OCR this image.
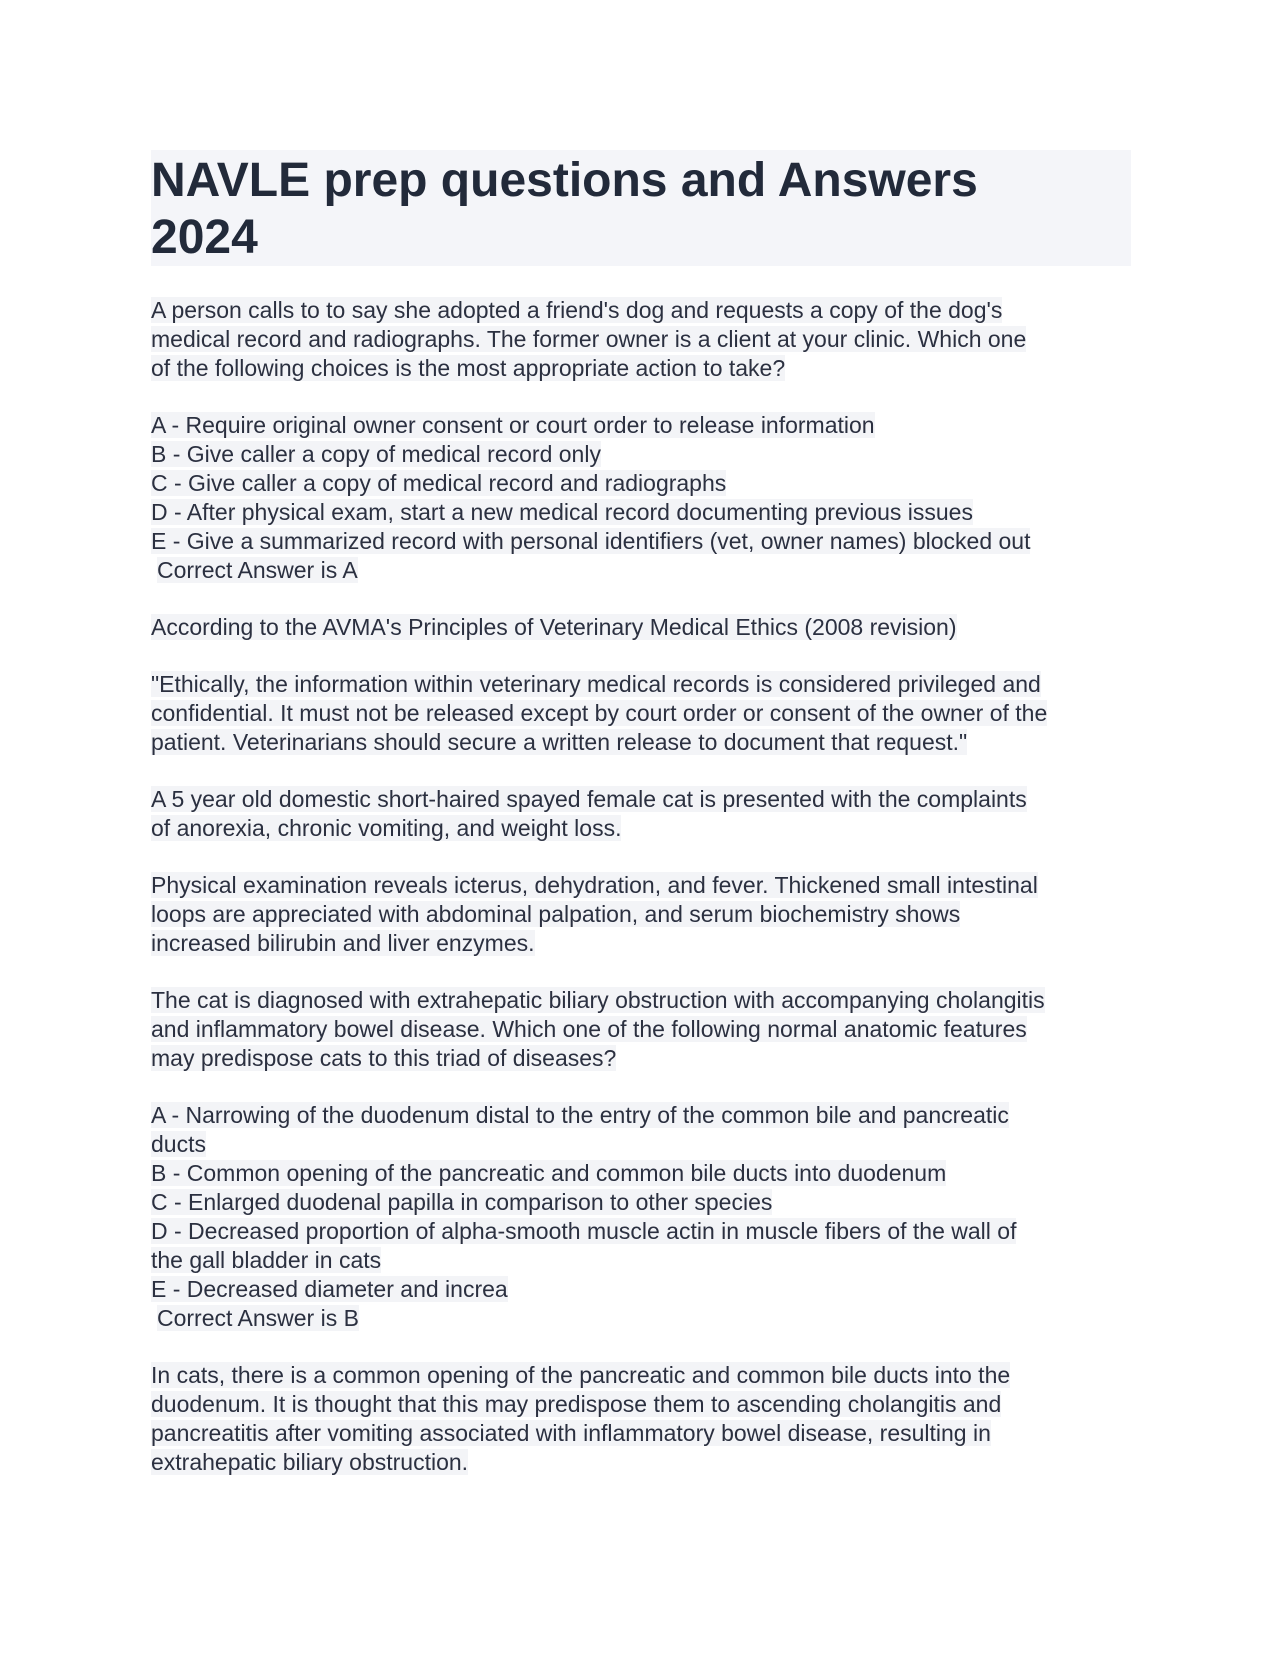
NAVLE prep questions and Answers
2024
A person calls to to say she adopted a friend's dog and requests a copy of the dog's
medical record and radiographs. The former owner is a client at your clinic. Which one
of the following choices is the most appropriate action to take?
A - Require original owner consent or court order to release information
B - Give caller a copy of medical record only
C - Give caller a copy of medical record and radiographs
D - After physical exam, start a new medical record documenting previous issues
E - Give a summarized record with personal identifiers (vet, owner names) blocked out
Correct Answer is A
According to the AVMA's Principles of Veterinary Medical Ethics (2008 revision)
"Ethically, the information within veterinary medical records is considered privileged and
confidential. It must not be released except by court order or consent of the owner of the
patient. Veterinarians should secure a written release to document that request."
A 5 year old domestic short-haired spayed female cat is presented with the complaints
of anorexia, chronic vomiting, and weight loss.
Physical examination reveals icterus, dehydration, and fever. Thickened small intestinal
loops are appreciated with abdominal palpation, and serum biochemistry shows
increased bilirubin and liver enzymes.
The cat is diagnosed with extrahepatic biliary obstruction with accompanying cholangitis
and inflammatory bowel disease. Which one of the following normal anatomic features
may predispose cats to this triad of diseases?
A - Narrowing of the duodenum distal to the entry of the common bile and pancreatic
ducts
B - Common opening of the pancreatic and common bile ducts into duodenum
C - Enlarged duodenal papilla in comparison to other species
D - Decreased proportion of alpha-smooth muscle actin in muscle fibers of the wall of
the gall bladder in cats
E - Decreased diameter and increa
Correct Answer is B
In cats, there is a common opening of the pancreatic and common bile ducts into the
duodenum. It is thought that this may predispose them to ascending cholangitis and
pancreatitis after vomiting associated with inflammatory bowel disease, resulting in
extrahepatic biliary obstruction.
